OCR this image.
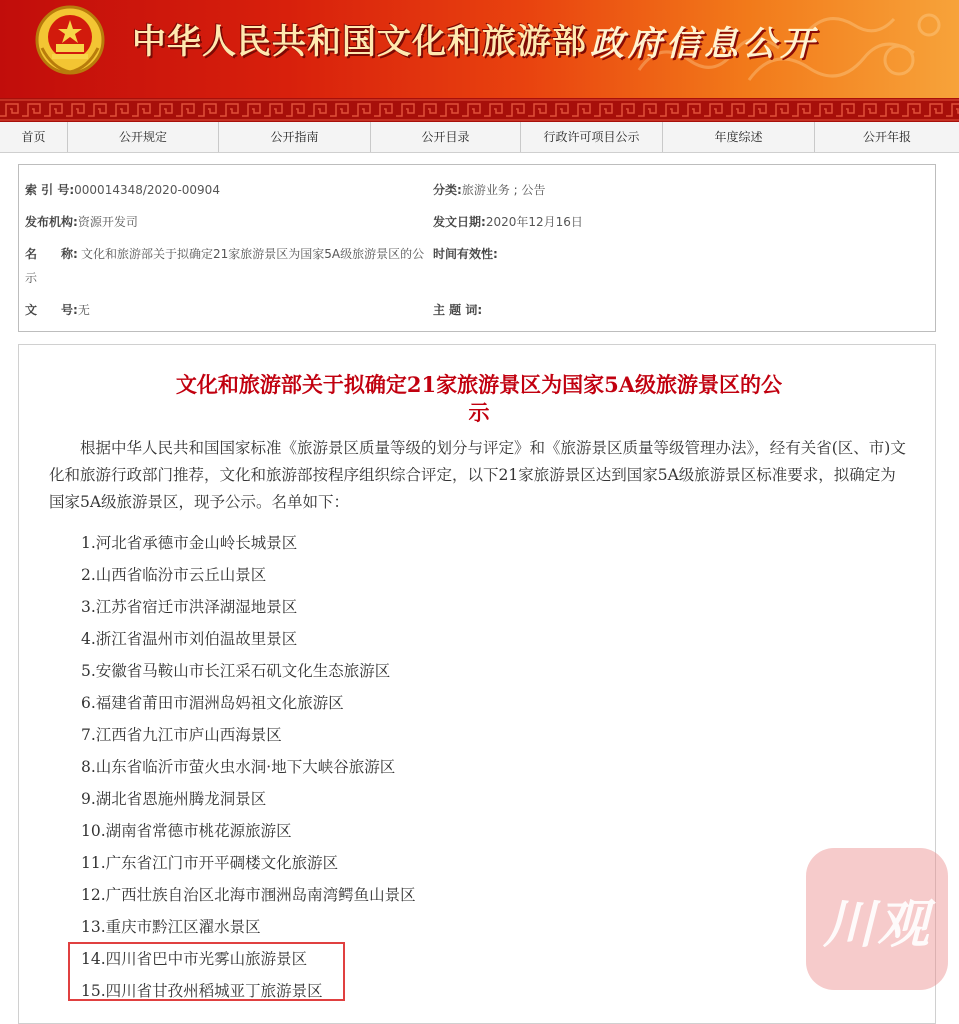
中华人民共和国文化和旅游部 政府信息公开
首页	公开规定	公开指南	公开目录	行政许可项目公示	年度综述	公开年报
索 引 号:000014348/2020-00904	分类:旅游业务 ; 公告
发布机构:资源开发司	发文日期:2020年12月16日
名 称: 文化和旅游部关于拟确定21家旅游景区为国家5A级旅游景区的公
示
时间有效性:
文 号:无	主 题 词:
文化和旅游部关于拟确定21家旅游景区为国家5A级旅游景区的公
示
根据中华人民共和国国家标准《旅游景区质量等级的划分与评定》和《旅游景区质量等级管理办法》，经有关省(区、市)文化和旅游行政部门推荐，文化和旅游部按程序组织综合评定，以下21家旅游景区达到国家5A级旅游景区标准要求，拟确定为国家5A级旅游景区，现予公示。名单如下：
1.河北省承德市金山岭长城景区
2.山西省临汾市云丘山景区
3.江苏省宿迁市洪泽湖湿地景区
4.浙江省温州市刘伯温故里景区
5.安徽省马鞍山市长江采石矶文化生态旅游区
6.福建省莆田市湄洲岛妈祖文化旅游区
7.江西省九江市庐山西海景区
8.山东省临沂市萤火虫水洞·地下大峡谷旅游区
9.湖北省恩施州腾龙洞景区
10.湖南省常德市桃花源旅游区
11.广东省江门市开平碉楼文化旅游区
12.广西壮族自治区北海市涠洲岛南湾鳄鱼山景区
13.重庆市黔江区濯水景区
14.四川省巴中市光雾山旅游景区
15.四川省甘孜州稻城亚丁旅游景区
川观
